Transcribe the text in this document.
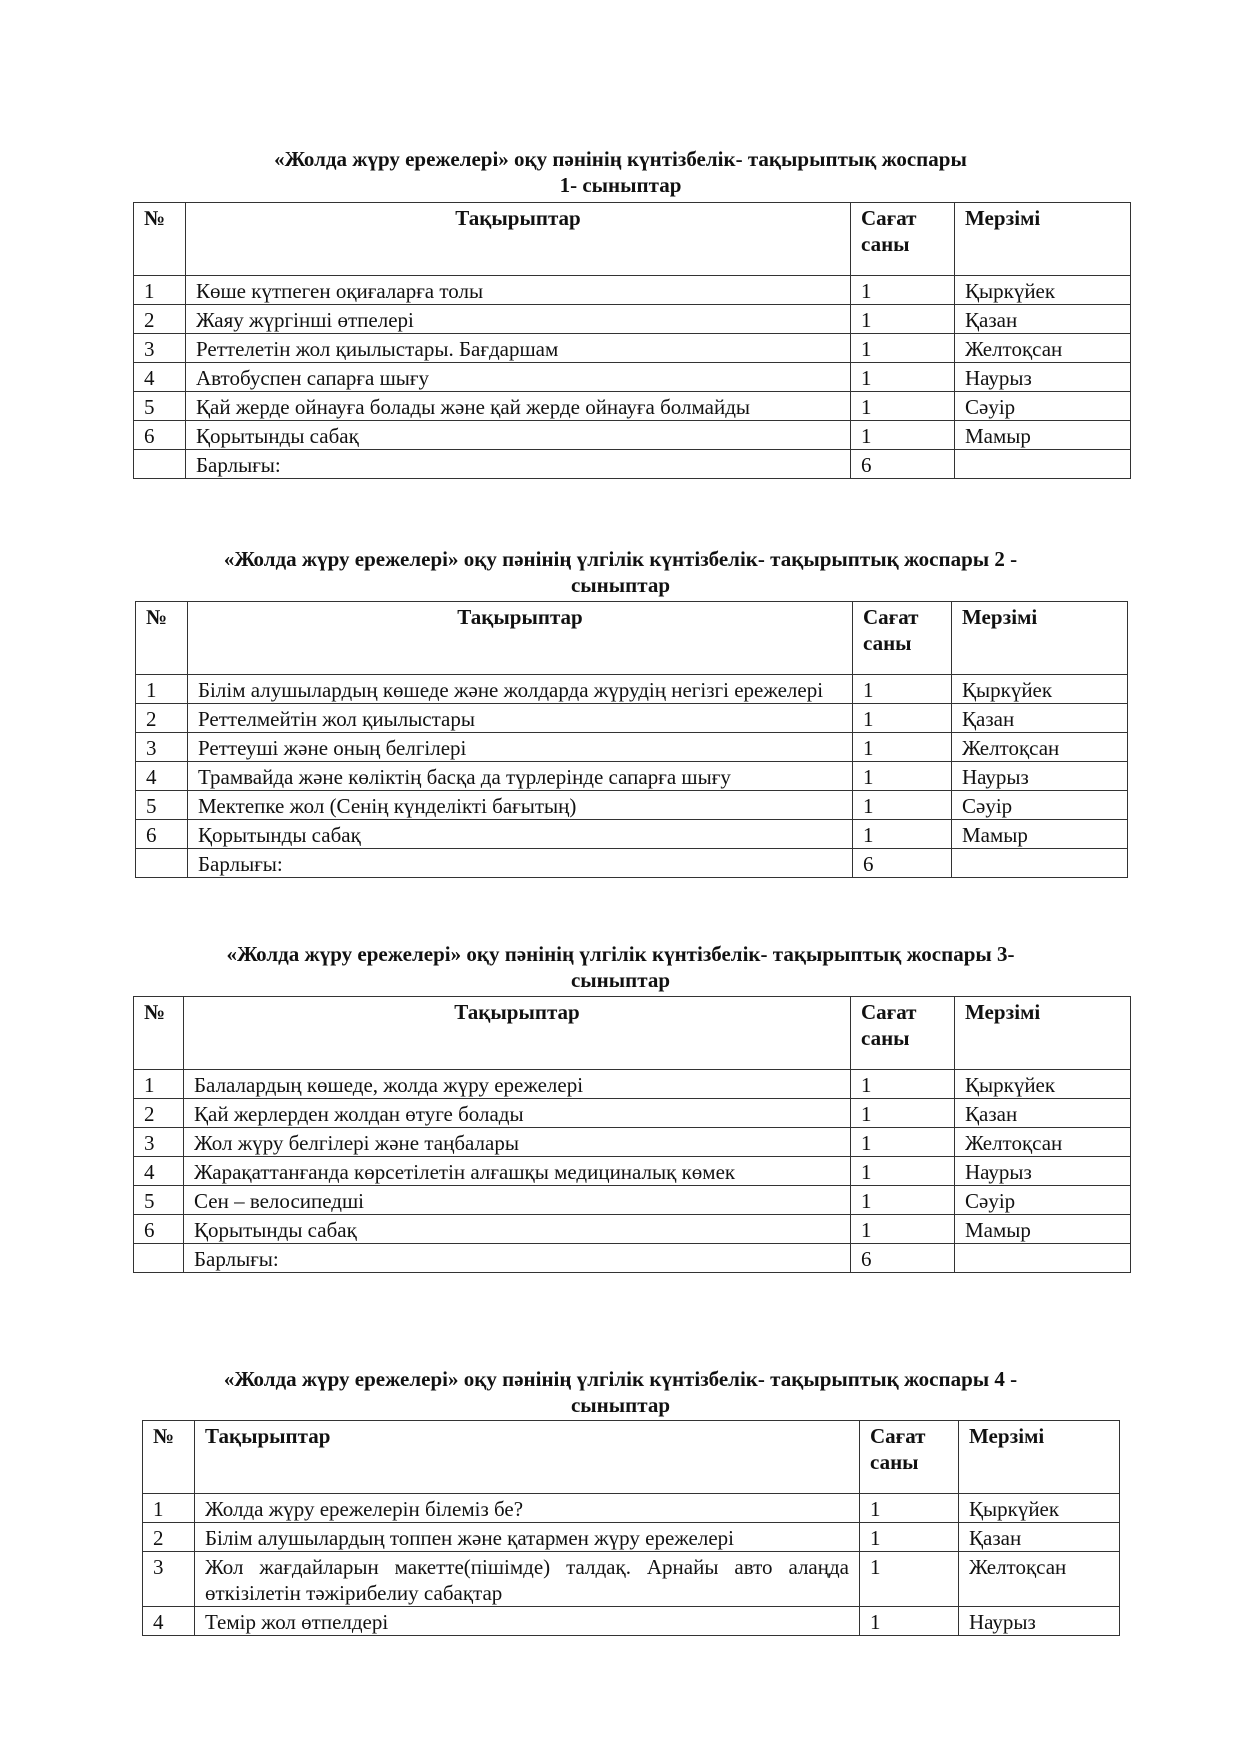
«Жолда жүру ережелері» оқу пәнінің күнтізбелік- тақырыптық жоспары
1- сыныптар
№	Тақырыптар	Сағат саны	Мерзімі
1	Көше күтпеген оқиғаларға толы	1	Қыркүйек
2	Жаяу жүргінші өтпелері	1	Қазан
3	Реттелетін жол қиылыстары. Бағдаршам	1	Желтоқсан
4	Автобуспен сапарға шығу	1	Наурыз
5	Қай жерде ойнауға болады және қай жерде ойнауға болмайды	1	Сәуір
6	Қорытынды сабақ	1	Мамыр
	Барлығы:	6	
«Жолда жүру ережелері» оқу пәнінің үлгілік күнтізбелік- тақырыптық жоспары 2 -
сыныптар
№	Тақырыптар	Сағат саны	Мерзімі
1	Білім алушылардың көшеде және жолдарда жүрудің негізгі ережелері	1	Қыркүйек
2	Реттелмейтін жол қиылыстары	1	Қазан
3	Реттеуші және оның белгілері	1	Желтоқсан
4	Трамвайда және көліктің басқа да түрлерінде сапарға шығу	1	Наурыз
5	Мектепке жол (Сенің күнделікті бағытың)	1	Сәуір
6	Қорытынды сабақ	1	Мамыр
	Барлығы:	6	
«Жолда жүру ережелері» оқу пәнінің үлгілік күнтізбелік- тақырыптық жоспары 3-
сыныптар
№	Тақырыптар	Сағат саны	Мерзімі
1	Балалардың көшеде, жолда жүру ережелері	1	Қыркүйек
2	Қай жерлерден жолдан өтуге болады	1	Қазан
3	Жол жүру белгілері және таңбалары	1	Желтоқсан
4	Жарақаттанғанда көрсетілетін алғашқы медициналық көмек	1	Наурыз
5	Сен – велосипедші	1	Сәуір
6	Қорытынды сабақ	1	Мамыр
	Барлығы:	6	
«Жолда жүру ережелері» оқу пәнінің үлгілік күнтізбелік- тақырыптық жоспары 4 -
сыныптар
№	Тақырыптар	Сағат саны	Мерзімі
1	Жолда жүру ережелерін білеміз бе?	1	Қыркүйек
2	Білім алушылардың топпен және қатармен жүру ережелері	1	Қазан
3	Жол жағдайларын макетте(пішімде) талдақ. Арнайы авто алаңда өткізілетін тәжірибелиу сабақтар	1	Желтоқсан
4	Темір жол өтпелдері	1	Наурыз
